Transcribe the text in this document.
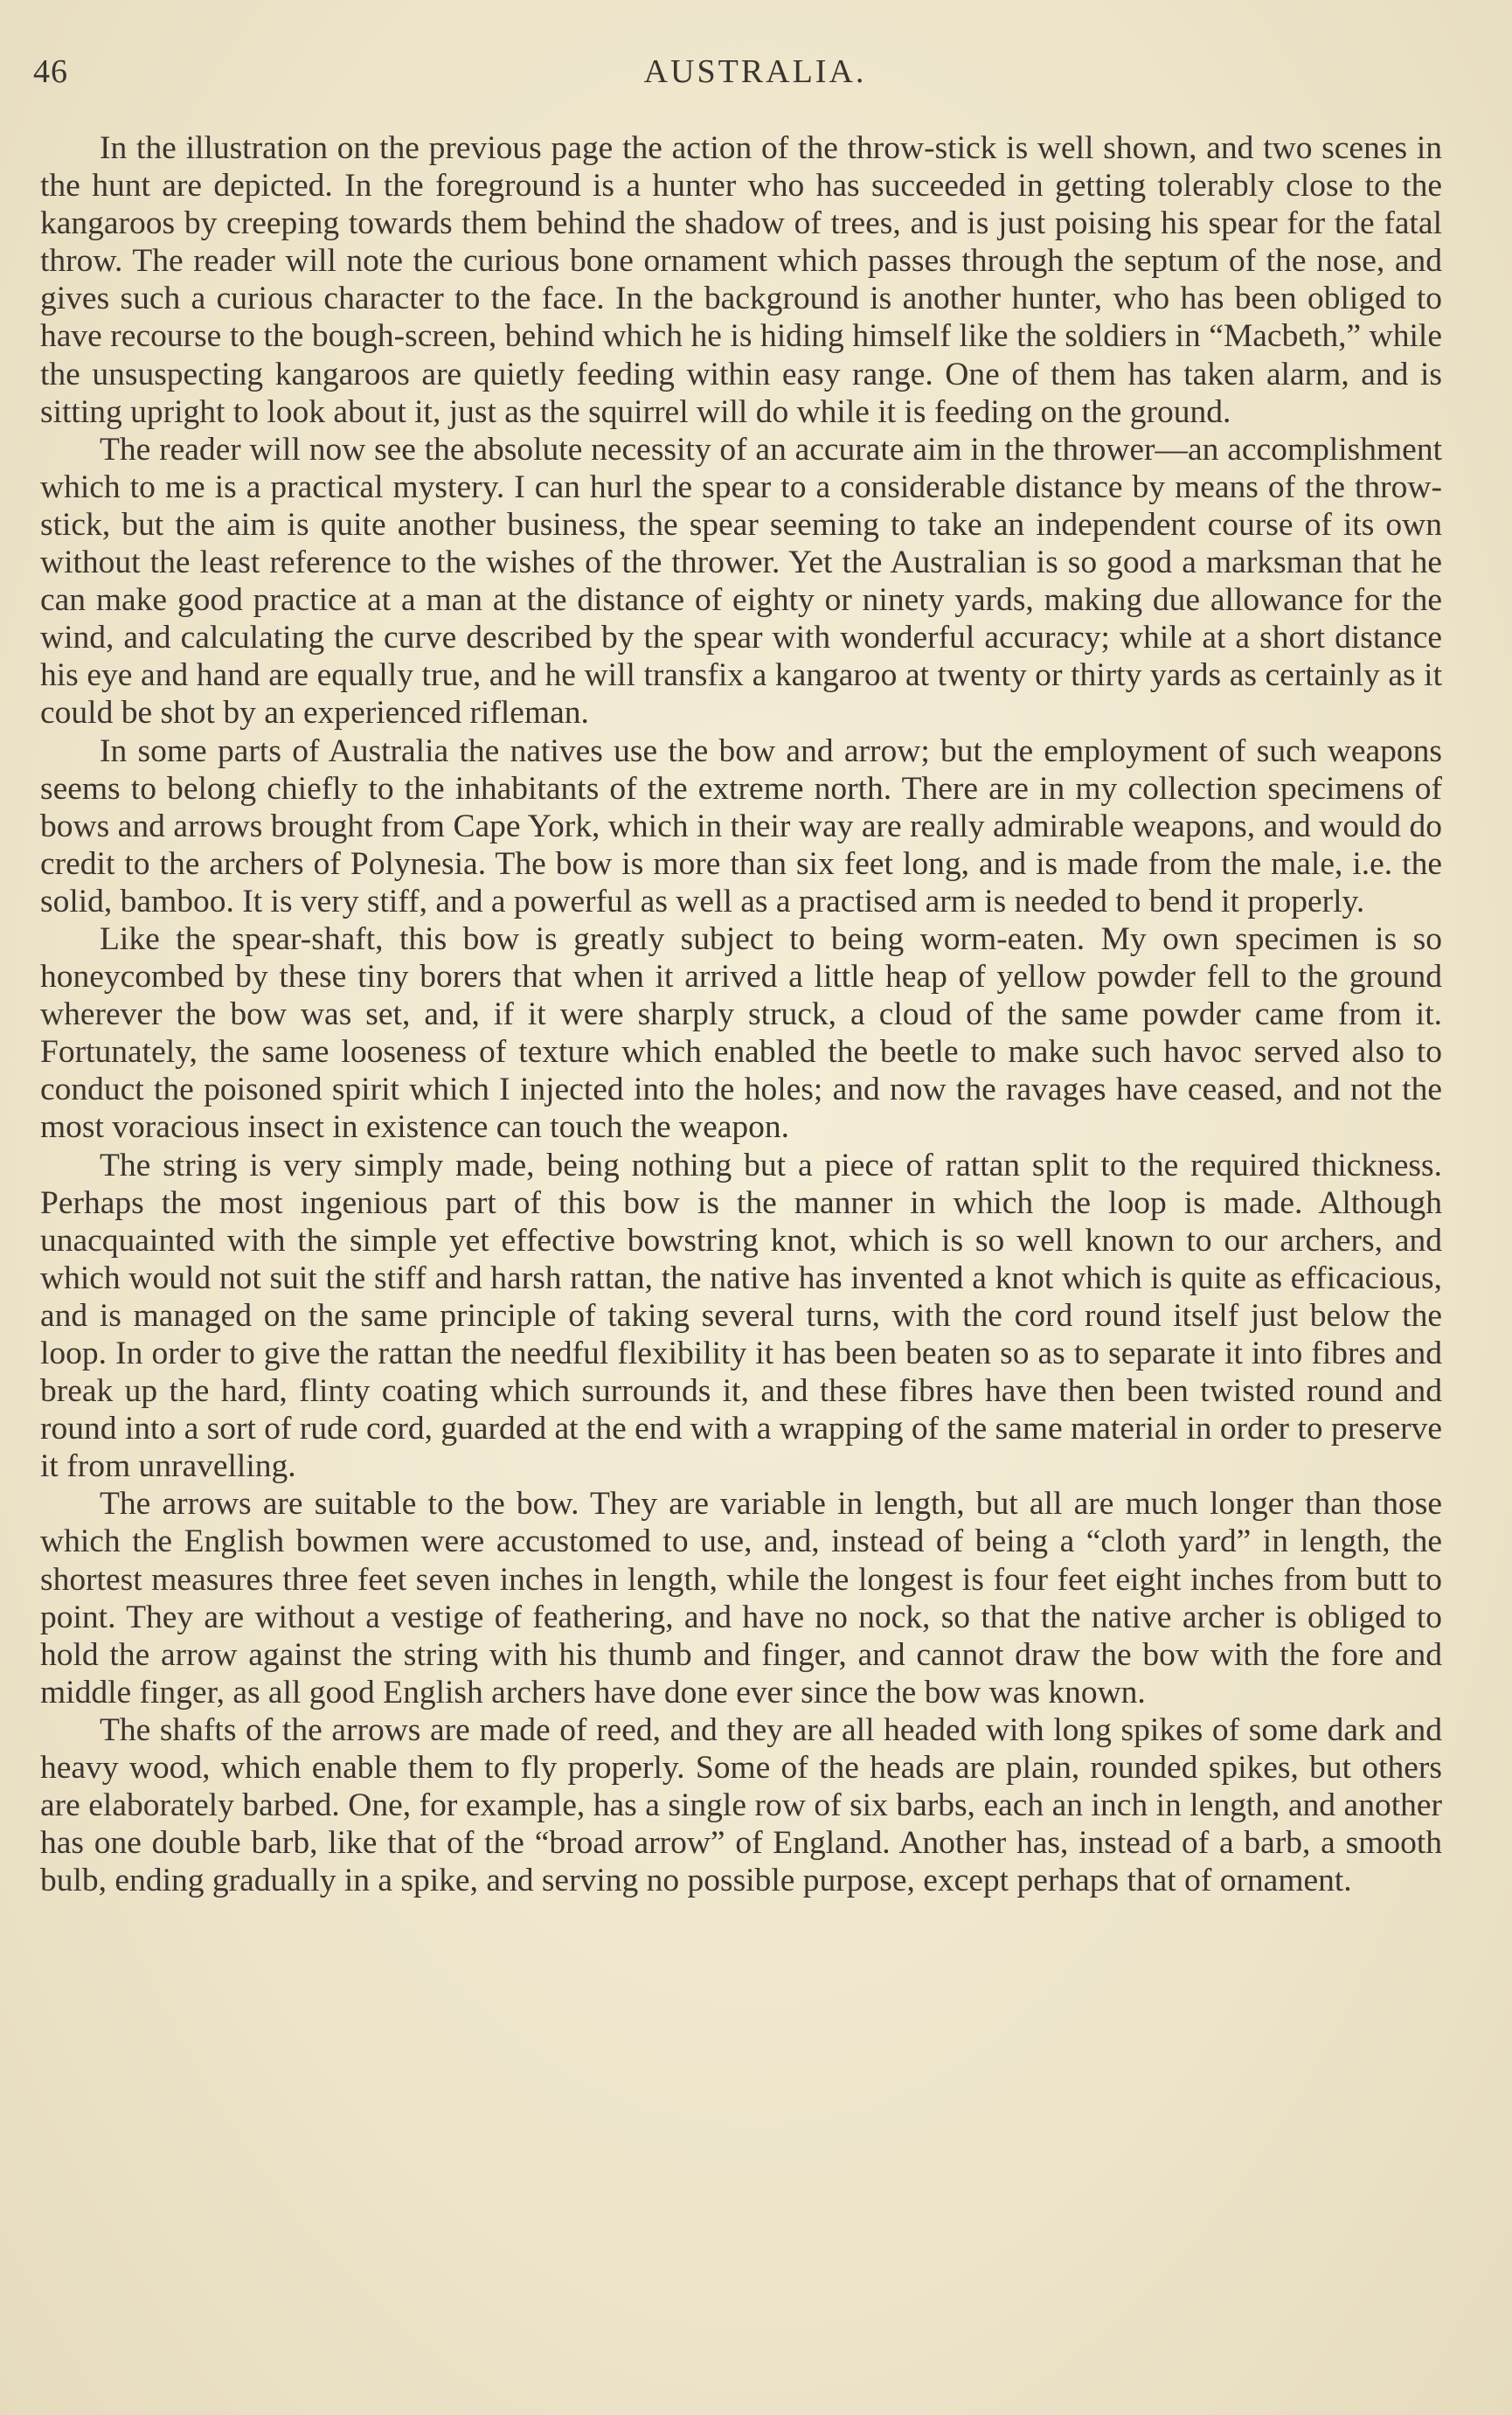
46	AUSTRALIA.

In the illustration on the previous page the action of the throw-stick is well shown, and two scenes in the hunt are depicted. In the foreground is a hunter who has succeeded in getting tolerably close to the kangaroos by creeping towards them behind the shadow of trees, and is just poising his spear for the fatal throw. The reader will note the curious bone ornament which passes through the septum of the nose, and gives such a curious character to the face. In the background is another hunter, who has been obliged to have recourse to the bough-screen, behind which he is hiding himself like the soldiers in “Macbeth,” while the unsuspecting kangaroos are quietly feeding within easy range. One of them has taken alarm, and is sitting upright to look about it, just as the squirrel will do while it is feeding on the ground.

The reader will now see the absolute necessity of an accurate aim in the thrower—an accomplishment which to me is a practical mystery. I can hurl the spear to a considerable distance by means of the throw-stick, but the aim is quite another business, the spear seeming to take an independent course of its own without the least reference to the wishes of the thrower. Yet the Australian is so good a marksman that he can make good practice at a man at the distance of eighty or ninety yards, making due allowance for the wind, and calculating the curve described by the spear with wonderful accuracy; while at a short distance his eye and hand are equally true, and he will transfix a kangaroo at twenty or thirty yards as certainly as it could be shot by an experienced rifleman.

In some parts of Australia the natives use the bow and arrow; but the employment of such weapons seems to belong chiefly to the inhabitants of the extreme north. There are in my collection specimens of bows and arrows brought from Cape York, which in their way are really admirable weapons, and would do credit to the archers of Polynesia. The bow is more than six feet long, and is made from the male, i.e. the solid, bamboo. It is very stiff, and a powerful as well as a practised arm is needed to bend it properly.

Like the spear-shaft, this bow is greatly subject to being worm-eaten. My own specimen is so honeycombed by these tiny borers that when it arrived a little heap of yellow powder fell to the ground wherever the bow was set, and, if it were sharply struck, a cloud of the same powder came from it. Fortunately, the same looseness of texture which enabled the beetle to make such havoc served also to conduct the poisoned spirit which I injected into the holes; and now the ravages have ceased, and not the most voracious insect in existence can touch the weapon.

The string is very simply made, being nothing but a piece of rattan split to the required thickness. Perhaps the most ingenious part of this bow is the manner in which the loop is made. Although unacquainted with the simple yet effective bowstring knot, which is so well known to our archers, and which would not suit the stiff and harsh rattan, the native has invented a knot which is quite as efficacious, and is managed on the same principle of taking several turns, with the cord round itself just below the loop. In order to give the rattan the needful flexibility it has been beaten so as to separate it into fibres and break up the hard, flinty coating which surrounds it, and these fibres have then been twisted round and round into a sort of rude cord, guarded at the end with a wrapping of the same material in order to preserve it from unravelling.

The arrows are suitable to the bow. They are variable in length, but all are much longer than those which the English bowmen were accustomed to use, and, instead of being a “cloth yard” in length, the shortest measures three feet seven inches in length, while the longest is four feet eight inches from butt to point. They are without a vestige of feathering, and have no nock, so that the native archer is obliged to hold the arrow against the string with his thumb and finger, and cannot draw the bow with the fore and middle finger, as all good English archers have done ever since the bow was known.

The shafts of the arrows are made of reed, and they are all headed with long spikes of some dark and heavy wood, which enable them to fly properly. Some of the heads are plain, rounded spikes, but others are elaborately barbed. One, for example, has a single row of six barbs, each an inch in length, and another has one double barb, like that of the “broad arrow” of England. Another has, instead of a barb, a smooth bulb, ending gradually in a spike, and serving no possible purpose, except perhaps that of ornament.
